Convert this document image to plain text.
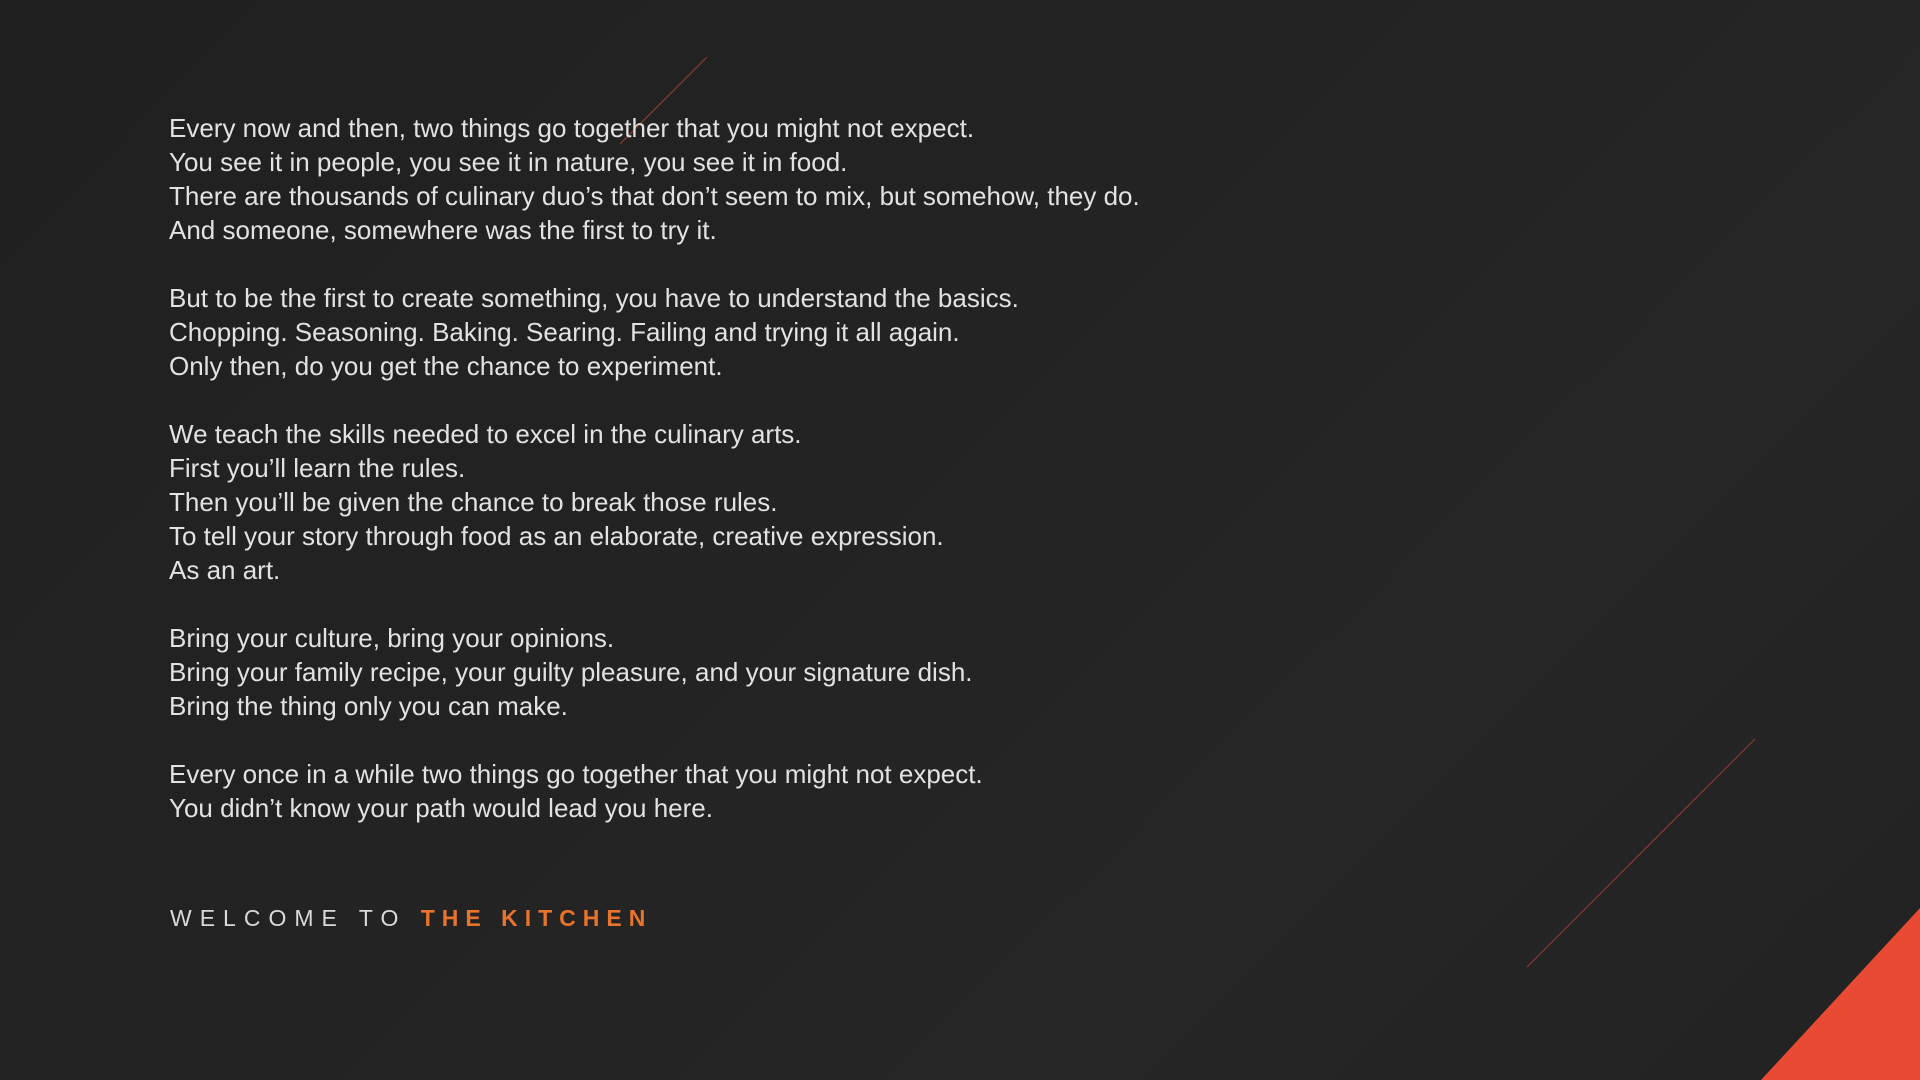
Every now and then, two things go together that you might not expect.
You see it in people, you see it in nature, you see it in food.
There are thousands of culinary duo’s that don’t seem to mix, but somehow, they do.
And someone, somewhere was the first to try it.

But to be the first to create something, you have to understand the basics.
Chopping. Seasoning. Baking. Searing. Failing and trying it all again.
Only then, do you get the chance to experiment.

We teach the skills needed to excel in the culinary arts.
First you’ll learn the rules.
Then you’ll be given the chance to break those rules.
To tell your story through food as an elaborate, creative expression.
As an art.

Bring your culture, bring your opinions.
Bring your family recipe, your guilty pleasure, and your signature dish.
Bring the thing only you can make.

Every once in a while two things go together that you might not expect.
You didn’t know your path would lead you here.

WELCOME TO THE KITCHEN
